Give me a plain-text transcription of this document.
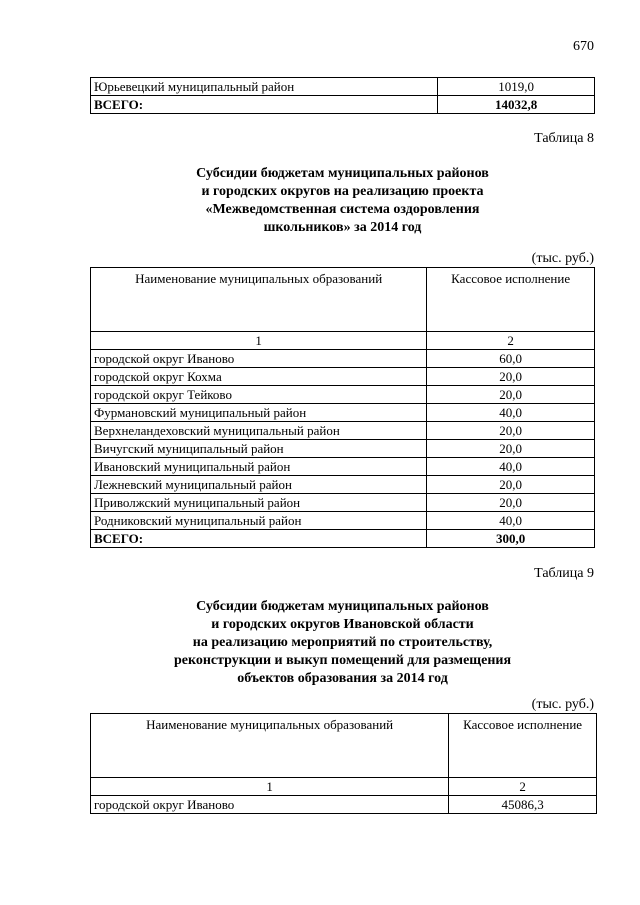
670
Юрьевецкий муниципальный район	1019,0
ВСЕГО:	14032,8
Таблица 8
Субсидии бюджетам муниципальных районов
и городских округов на реализацию проекта
«Межведомственная система оздоровления
школьников» за 2014 год
(тыс. руб.)
Наименование муниципальных образований	Кассовое исполнение
1	2
городской округ Иваново	60,0
городской округ Кохма	20,0
городской округ Тейково	20,0
Фурмановский муниципальный район	40,0
Верхнеландеховский муниципальный район	20,0
Вичугский муниципальный район	20,0
Ивановский муниципальный район	40,0
Лежневский муниципальный район	20,0
Приволжский муниципальный район	20,0
Родниковский муниципальный район	40,0
ВСЕГО:	300,0
Таблица 9
Субсидии бюджетам муниципальных районов
и городских округов Ивановской области
на реализацию мероприятий по строительству,
реконструкции и выкуп помещений для размещения
объектов образования за 2014 год
(тыс. руб.)
Наименование муниципальных образований	Кассовое исполнение
1	2
городской округ Иваново	45086,3
